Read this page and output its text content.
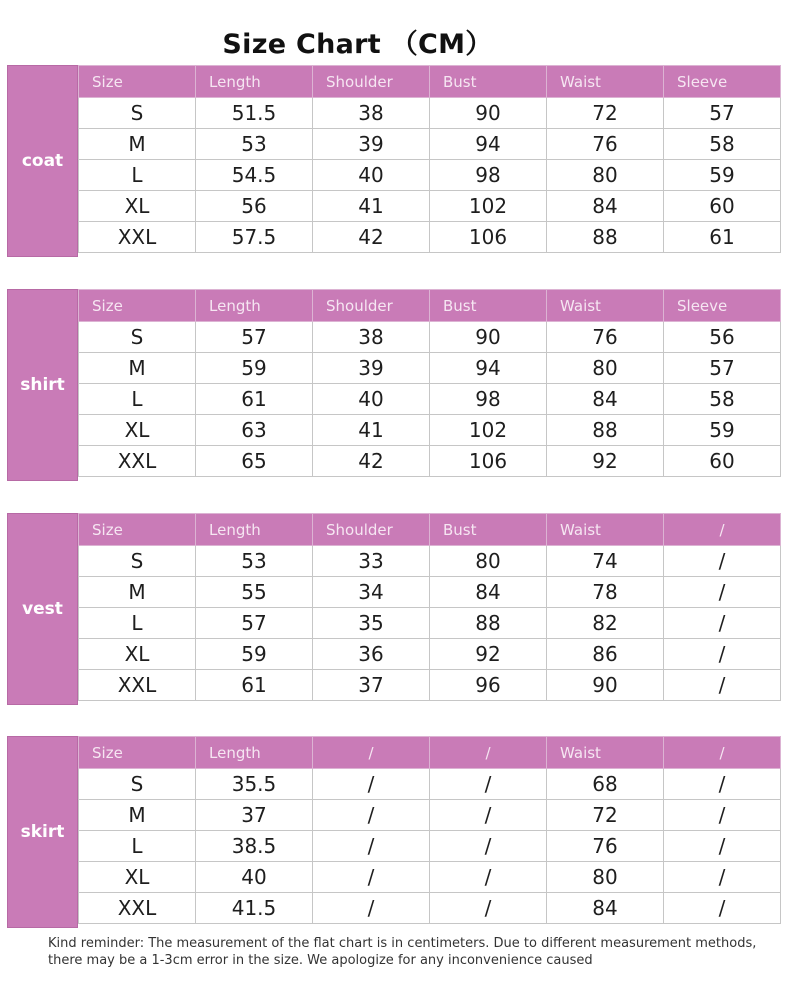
Size Chart （CM）
coat
Size	Length	Shoulder	Bust	Waist	Sleeve
S	51.5	38	90	72	57
M	53	39	94	76	58
L	54.5	40	98	80	59
XL	56	41	102	84	60
XXL	57.5	42	106	88	61
shirt
Size	Length	Shoulder	Bust	Waist	Sleeve
S	57	38	90	76	56
M	59	39	94	80	57
L	61	40	98	84	58
XL	63	41	102	88	59
XXL	65	42	106	92	60
vest
Size	Length	Shoulder	Bust	Waist	/
S	53	33	80	74	/
M	55	34	84	78	/
L	57	35	88	82	/
XL	59	36	92	86	/
XXL	61	37	96	90	/
skirt
Size	Length	/	/	Waist	/
S	35.5	/	/	68	/
M	37	/	/	72	/
L	38.5	/	/	76	/
XL	40	/	/	80	/
XXL	41.5	/	/	84	/
Kind reminder: The measurement of the flat chart is in centimeters. Due to different measurement methods, there may be a 1-3cm error in the size. We apologize for any inconvenience caused
